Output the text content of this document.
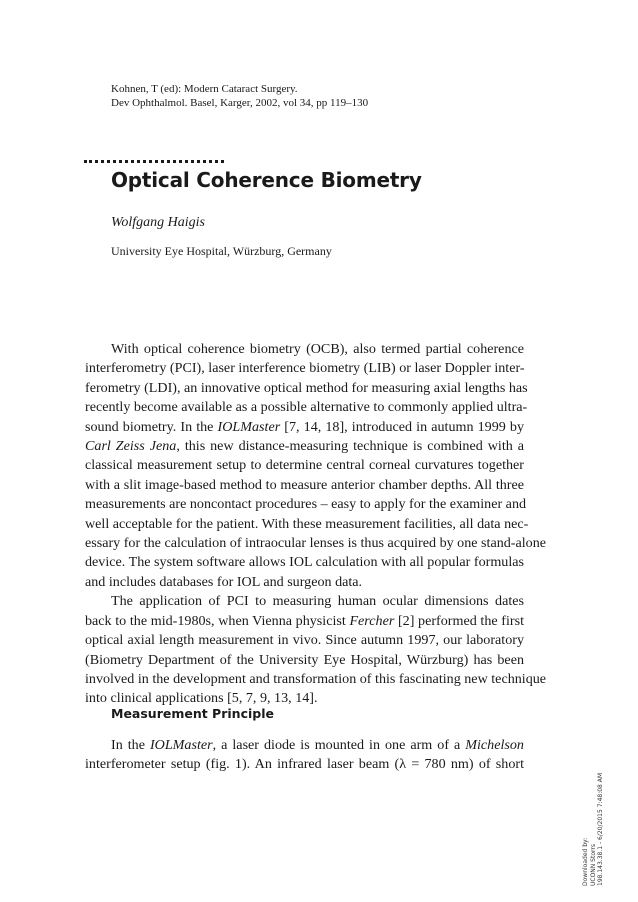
Kohnen, T (ed): Modern Cataract Surgery.
Dev Ophthalmol. Basel, Karger, 2002, vol 34, pp 119–130
Optical Coherence Biometry
Wolfgang Haigis
University Eye Hospital, Würzburg, Germany

With optical coherence biometry (OCB), also termed partial coherence
interferometry (PCI), laser interference biometry (LIB) or laser Doppler inter-
ferometry (LDI), an innovative optical method for measuring axial lengths has
recently become available as a possible alternative to commonly applied ultra-
sound biometry. In the IOLMaster [7, 14, 18], introduced in autumn 1999 by
Carl Zeiss Jena, this new distance-measuring technique is combined with a
classical measurement setup to determine central corneal curvatures together
with a slit image-based method to measure anterior chamber depths. All three
measurements are noncontact procedures – easy to apply for the examiner and
well acceptable for the patient. With these measurement facilities, all data nec-
essary for the calculation of intraocular lenses is thus acquired by one stand-alone
device. The system software allows IOL calculation with all popular formulas
and includes databases for IOL and surgeon data.

The application of PCI to measuring human ocular dimensions dates
back to the mid-1980s, when Vienna physicist Fercher [2] performed the first
optical axial length measurement in vivo. Since autumn 1997, our laboratory
(Biometry Department of the University Eye Hospital, Würzburg) has been
involved in the development and transformation of this fascinating new technique
into clinical applications [5, 7, 9, 13, 14].

Measurement Principle

In the IOLMaster, a laser diode is mounted in one arm of a Michelson
interferometer setup (fig. 1). An infrared laser beam (λ = 780 nm) of short

Downloaded by: UCONN Storrs 198.143.38.1 - 6/20/2015 7:48:08 AM
